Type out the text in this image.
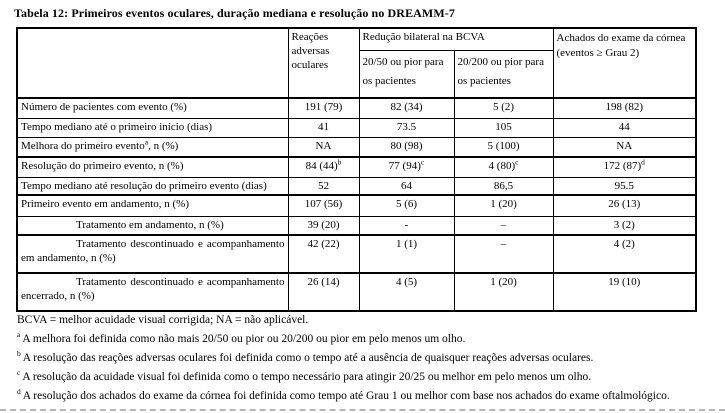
Tabela 12: Primeiros eventos oculares, duração mediana e resolução no DREAMM-7
	Reações adversas oculares	Redução bilateral na BCVA		Achados do exame da córnea (eventos ≥ Grau 2)
		20/50 ou pior para os pacientes	20/200 ou pior para os pacientes	
Número de pacientes com evento (%)	191 (79)	82 (34)	5 (2)	198 (82)
Tempo mediano até o primeiro início (dias)	41	73.5	105	44
Melhora do primeiro evento$^a$, n (%)	NA	80 (98)	5 (100)	NA
Resolução do primeiro evento, n (%)	84 $(44)^b$	77 $(94)^c$	4 $(80)^c$	172 $(87)^d$
Tempo mediano até resolução do primeiro evento (dias)	52	64	86,5	95.5
Primeiro evento em andamento, n (%)	107 (56)	5 (6)	1 (20)	26 (13)
Tratamento em andamento, n (%)	39 (20)	-	–	3 (2)
Tratamento descontinuado e acompanhamento em andamento, n (%)	42 (22)	1 (1)	–	4 (2)
Tratamento descontinuado e acompanhamento encerrado, n (%)	26 (14)	4 (5)	1 (20)	19 (10)
BCVA = melhor acuidade visual corrigida; NA = não aplicável.
$^a$ A melhora foi definida como não mais 20/50 ou pior ou 20/200 ou pior em pelo menos um olho.
$^b$ A resolução das reações adversas oculares foi definida como o tempo até a ausência de quaisquer reações adversas oculares.
$^c$ A resolução da acuidade visual foi definida como o tempo necessário para atingir 20/25 ou melhor em pelo menos um olho.
$^d$ A resolução dos achados do exame da córnea foi definida como tempo até Grau 1 ou melhor com base nos achados do exame oftalmológico.
